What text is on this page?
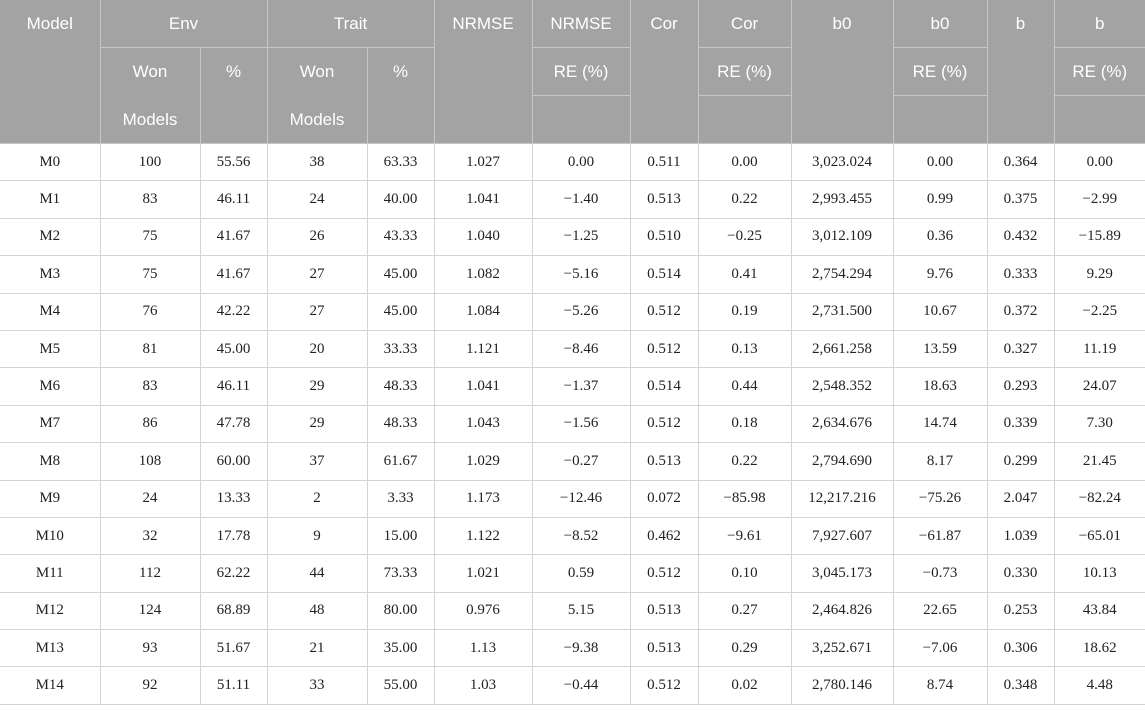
Model	Env		Trait		NRMSE	NRMSE	Cor	Cor	b0	b0	b	b
	Won	%	Won	%		RE (%)		RE (%)		RE (%)		RE (%)
	Models		Models									
M0	100	55.56	38	63.33	1.027	0.00	0.511	0.00	3,023.024	0.00	0.364	0.00
M1	83	46.11	24	40.00	1.041	−1.40	0.513	0.22	2,993.455	0.99	0.375	−2.99
M2	75	41.67	26	43.33	1.040	−1.25	0.510	−0.25	3,012.109	0.36	0.432	−15.89
M3	75	41.67	27	45.00	1.082	−5.16	0.514	0.41	2,754.294	9.76	0.333	9.29
M4	76	42.22	27	45.00	1.084	−5.26	0.512	0.19	2,731.500	10.67	0.372	−2.25
M5	81	45.00	20	33.33	1.121	−8.46	0.512	0.13	2,661.258	13.59	0.327	11.19
M6	83	46.11	29	48.33	1.041	−1.37	0.514	0.44	2,548.352	18.63	0.293	24.07
M7	86	47.78	29	48.33	1.043	−1.56	0.512	0.18	2,634.676	14.74	0.339	7.30
M8	108	60.00	37	61.67	1.029	−0.27	0.513	0.22	2,794.690	8.17	0.299	21.45
M9	24	13.33	2	3.33	1.173	−12.46	0.072	−85.98	12,217.216	−75.26	2.047	−82.24
M10	32	17.78	9	15.00	1.122	−8.52	0.462	−9.61	7,927.607	−61.87	1.039	−65.01
M11	112	62.22	44	73.33	1.021	0.59	0.512	0.10	3,045.173	−0.73	0.330	10.13
M12	124	68.89	48	80.00	0.976	5.15	0.513	0.27	2,464.826	22.65	0.253	43.84
M13	93	51.67	21	35.00	1.13	−9.38	0.513	0.29	3,252.671	−7.06	0.306	18.62
M14	92	51.11	33	55.00	1.03	−0.44	0.512	0.02	2,780.146	8.74	0.348	4.48
